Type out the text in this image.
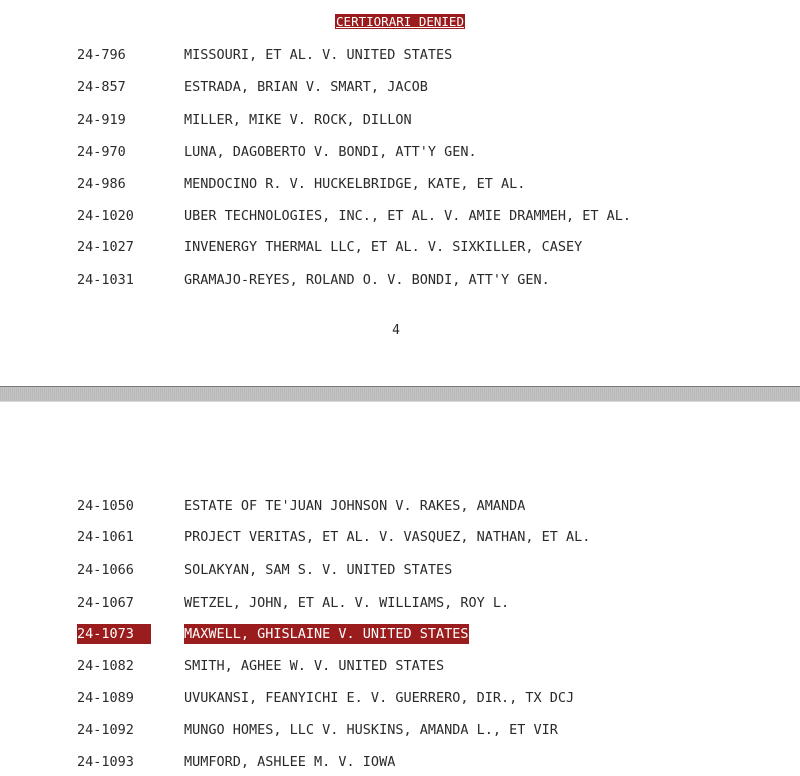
CERTIORARI DENIED
24-796	MISSOURI, ET AL. V. UNITED STATES
24-857	ESTRADA, BRIAN V. SMART, JACOB
24-919	MILLER, MIKE V. ROCK, DILLON
24-970	LUNA, DAGOBERTO V. BONDI, ATT'Y GEN.
24-986	MENDOCINO R. V. HUCKELBRIDGE, KATE, ET AL.
24-1020	UBER TECHNOLOGIES, INC., ET AL. V. AMIE DRAMMEH, ET AL.
24-1027	INVENERGY THERMAL LLC, ET AL. V. SIXKILLER, CASEY
24-1031	GRAMAJO-REYES, ROLAND O. V. BONDI, ATT'Y GEN.
4
24-1050	ESTATE OF TE'JUAN JOHNSON V. RAKES, AMANDA
24-1061	PROJECT VERITAS, ET AL. V. VASQUEZ, NATHAN, ET AL.
24-1066	SOLAKYAN, SAM S. V. UNITED STATES
24-1067	WETZEL, JOHN, ET AL. V. WILLIAMS, ROY L.
24-1073	MAXWELL, GHISLAINE V. UNITED STATES
24-1082	SMITH, AGHEE W. V. UNITED STATES
24-1089	UVUKANSI, FEANYICHI E. V. GUERRERO, DIR., TX DCJ
24-1092	MUNGO HOMES, LLC V. HUSKINS, AMANDA L., ET VIR
24-1093	MUMFORD, ASHLEE M. V. IOWA
